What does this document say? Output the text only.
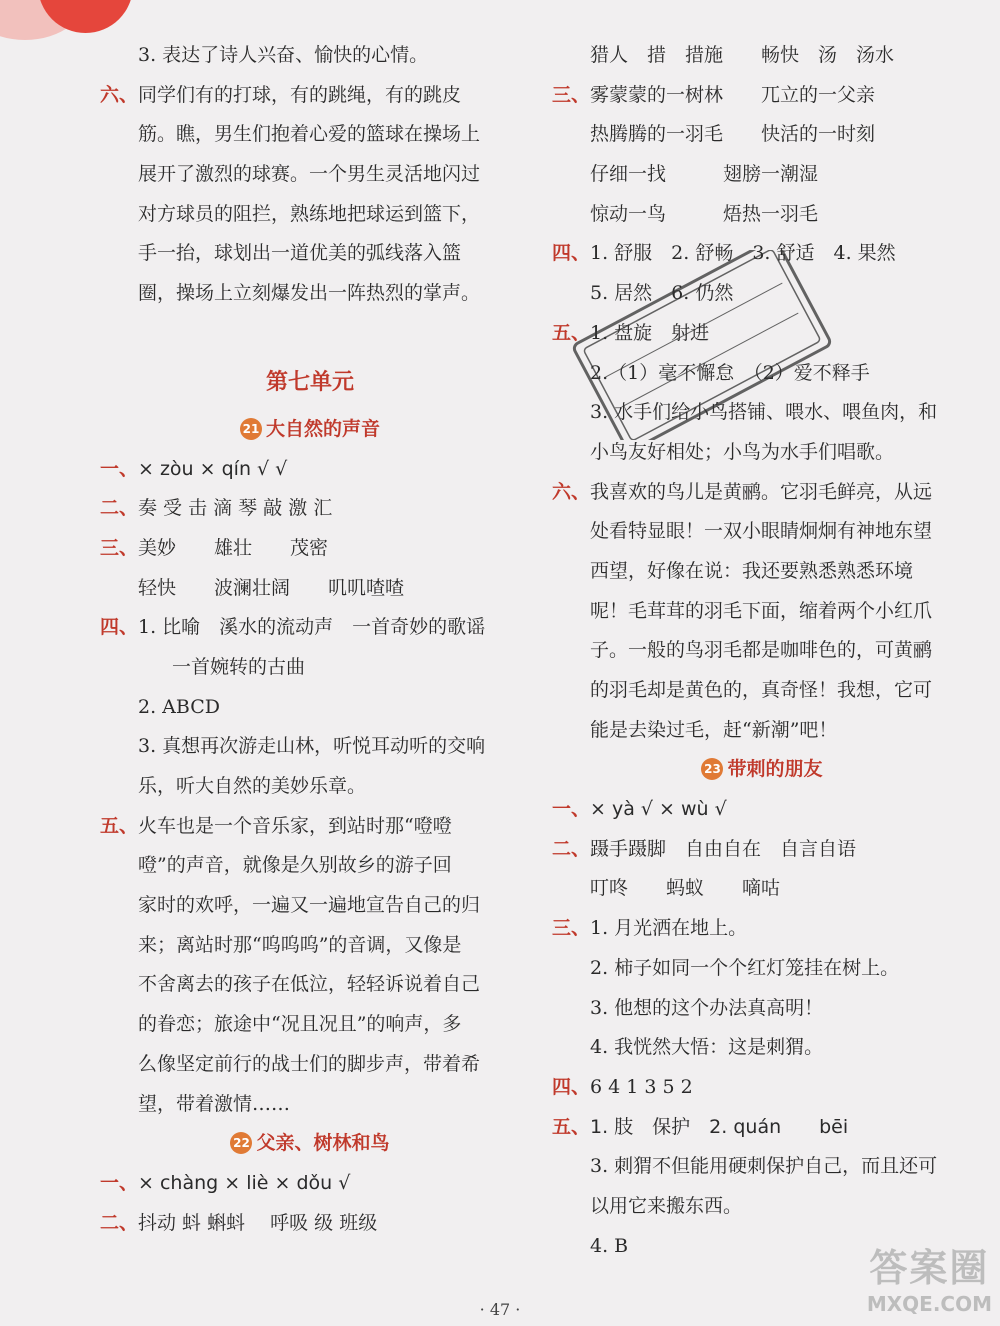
3. 表达了诗人兴奋、愉快的心情。
六、 同学们有的打球，有的跳绳，有的跳皮
筋。瞧，男生们抱着心爱的篮球在操场上
展开了激烈的球赛。一个男生灵活地闪过
对方球员的阻拦，熟练地把球运到篮下，
手一抬，球划出一道优美的弧线落入篮
圈，操场上立刻爆发出一阵热烈的掌声。
第七单元
21 大自然的声音
一、 × zòu × qín √ √
二、 奏 受 击 滴 琴 敲 激 汇
三、 美妙　　雄壮　　茂密
轻快　　波澜壮阔　　叽叽喳喳
四、 1. 比喻　溪水的流动声　一首奇妙的歌谣
一首婉转的古曲
2. ABCD
3. 真想再次游走山林，听悦耳动听的交响
乐，听大自然的美妙乐章。
五、 火车也是一个音乐家，到站时那“噔噔
噔”的声音，就像是久别故乡的游子回
家时的欢呼，一遍又一遍地宣告自己的归
来；离站时那“呜呜呜”的音调，又像是
不舍离去的孩子在低泣，轻轻诉说着自己
的眷恋；旅途中“况且况且”的响声，多
么像坚定前行的战士们的脚步声，带着希
望，带着激情……
22 父亲、树林和鸟
一、 × chàng × liè × dǒu √
二、 抖动 蚪 蝌蚪　 呼吸 级 班级
猎人　措　措施　　畅快　汤　汤水
三、 雾蒙蒙的一树林　　兀立的一父亲
热腾腾的一羽毛　　快活的一时刻
仔细一找　　　翅膀一潮湿
惊动一鸟　　　焐热一羽毛
四、 1. 舒服　2. 舒畅　3. 舒适　4. 果然
5. 居然　6. 仍然
五、 1. 盘旋　射进
2.（1）毫不懈怠　（2）爱不释手
3. 水手们给小鸟搭铺、喂水、喂鱼肉，和
小鸟友好相处；小鸟为水手们唱歌。
六、 我喜欢的鸟儿是黄鹂。它羽毛鲜亮，从远
处看特显眼！一双小眼睛炯炯有神地东望
西望，好像在说：我还要熟悉熟悉环境
呢！毛茸茸的羽毛下面，缩着两个小红爪
子。一般的鸟羽毛都是咖啡色的，可黄鹂
的羽毛却是黄色的，真奇怪！我想，它可
能是去染过毛，赶“新潮”吧！
23 带刺的朋友
一、 × yà √ × wù √
二、 蹑手蹑脚　自由自在　自言自语
叮咚　　蚂蚁　　嘀咕
三、 1. 月光洒在地上。
2. 柿子如同一个个红灯笼挂在树上。
3. 他想的这个办法真高明！
4. 我恍然大悟：这是刺猬。
四、 6 4 1 3 5 2
五、 1. 肢　保护　2. quán　　bēi
3. 刺猬不但能用硬刺保护自己，而且还可
以用它来搬东西。
4. B
· 47 ·
答案圈
MXQE.COM
